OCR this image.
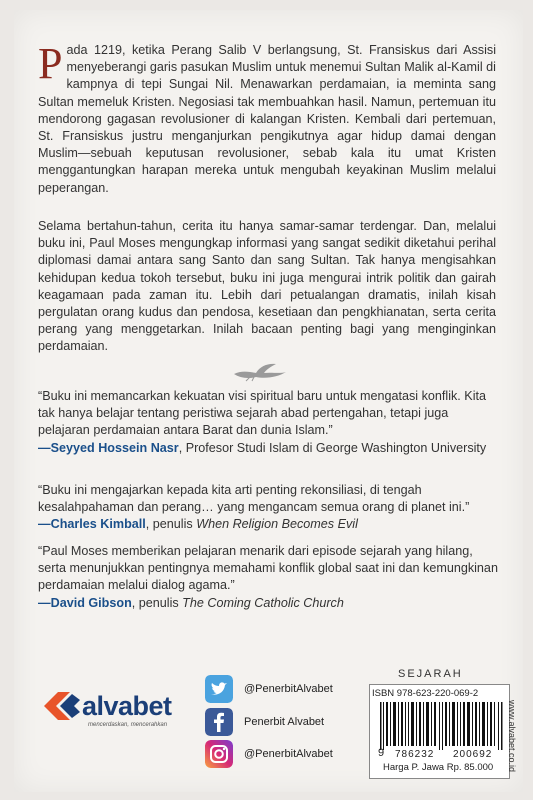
P ada 1219, ketika Perang Salib V berlangsung, St. Fransiskus dari Assisi menyeberangi garis pasukan Muslim untuk menemui Sultan Malik al-Kamil di kampnya di tepi Sungai Nil. Menawarkan perdamaian, ia meminta sang Sultan memeluk Kristen. Negosiasi tak membuahkan hasil. Namun, pertemuan itu mendorong gagasan revolusioner di kalangan Kristen. Kembali dari pertemuan, St. Fransiskus justru menganjurkan pengikutnya agar hidup damai dengan Muslim—sebuah keputusan revolusioner, sebab kala itu umat Kristen menggantungkan harapan mereka untuk mengubah keyakinan Muslim melalui peperangan.
Selama bertahun-tahun, cerita itu hanya samar-samar terdengar. Dan, melalui buku ini, Paul Moses mengungkap informasi yang sangat sedikit diketahui perihal diplomasi damai antara sang Santo dan sang Sultan. Tak hanya mengisahkan kehidupan kedua tokoh tersebut, buku ini juga mengurai intrik politik dan gairah keagamaan pada zaman itu. Lebih dari petualangan dramatis, inilah kisah pergulatan orang kudus dan pendosa, kesetiaan dan pengkhianatan, serta cerita perang yang menggetarkan. Inilah bacaan penting bagi yang menginginkan perdamaian.
“Buku ini memancarkan kekuatan visi spiritual baru untuk mengatasi konflik. Kita tak hanya belajar tentang peristiwa sejarah abad pertengahan, tetapi juga pelajaran perdamaian antara Barat dan dunia Islam.”
—Seyyed Hossein Nasr, Profesor Studi Islam di George Washington University
“Buku ini mengajarkan kepada kita arti penting rekonsiliasi, di tengah kesalahpahaman dan perang… yang mengancam semua orang di planet ini.”
—Charles Kimball, penulis When Religion Becomes Evil
“Paul Moses memberikan pelajaran menarik dari episode sejarah yang hilang, serta menunjukkan pentingnya memahami konflik global saat ini dan kemungkinan perdamaian melalui dialog agama.”
—David Gibson, penulis The Coming Catholic Church
alvabet
mencerdaskan, mencerahkan
@PenerbitAlvabet
Penerbit Alvabet
@PenerbitAlvabet
SEJARAH
ISBN 978-623-220-069-2
9 786232 200692
Harga P. Jawa Rp. 85.000 www.alvabet.co.id
